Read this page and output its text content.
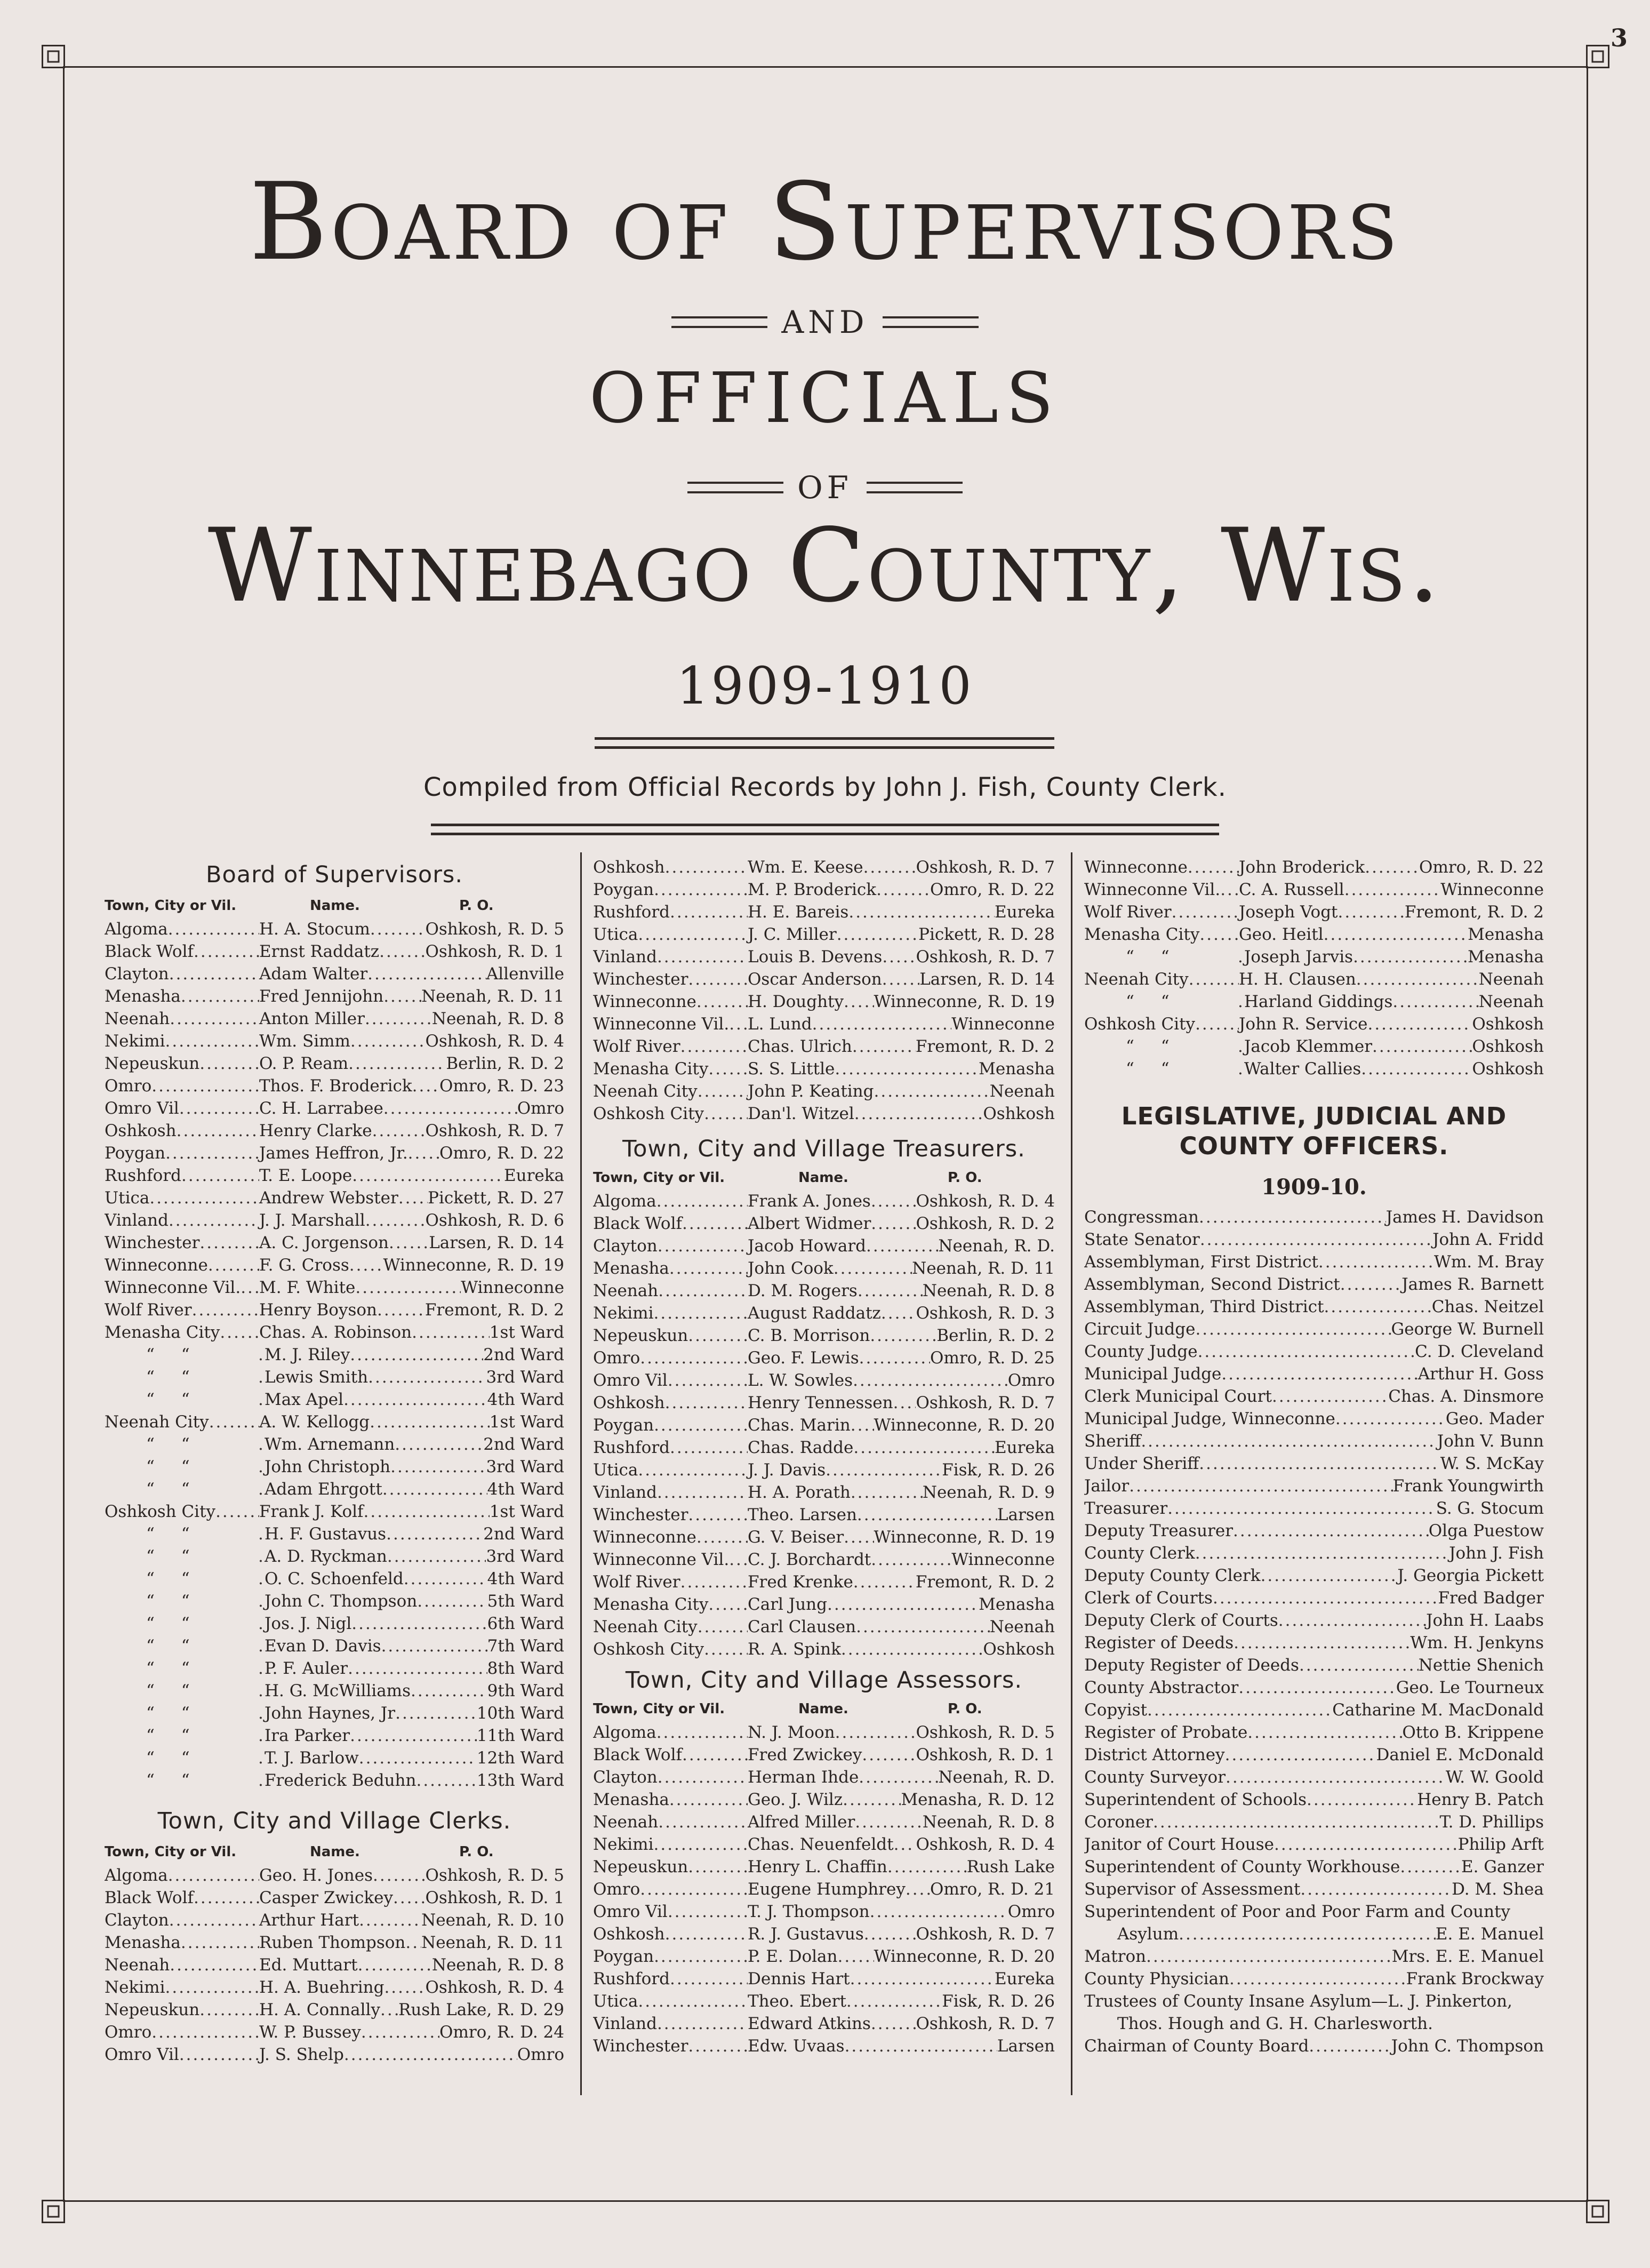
3
Board of Supervisors
AND
OFFICIALS
OF
Winnebago County, Wis.
1909-1910
Compiled from Official Records by John J. Fish, County Clerk.
Board of Supervisors.
Town, City or Vil.	Name.	P. O.
Algoma .....	H. A. Stocum .....	Oshkosh, R. D. 5
Black Wolf .....	Ernst Raddatz .....	Oshkosh, R. D. 1
Clayton .....	Adam Walter .....	Allenville
Menasha .....	Fred Jennijohn ..... Neenah, R. D. 11
Neenah .....	Anton Miller .....	Neenah, R. D. 8
Nekimi .....	Wm. Simm .....	Oshkosh, R. D. 4
Nepeuskun .....	O. P. Ream .....	Berlin, R. D. 2
Omro .....	Thos. F. Broderick ..... Omro, R. D. 23
Omro Vil .....	C. H. Larrabee .....	Omro
Oshkosh .....	Henry Clarke .....	Oshkosh, R. D. 7
Poygan .....	James Heffron, Jr. ..... Omro, R. D. 22
Rushford .....	T. E. Loope .....	Eureka
Utica .....	Andrew Webster ..... Pickett, R. D. 27
Vinland .....	J. J. Marshall .....	Oshkosh, R. D. 6
Winchester .....	A. C. Jorgenson ..... Larsen, R. D. 14
Winneconne .....	F. G. Cross ..... Winneconne, R. D. 19
Winneconne Vil. ..... M. F. White .....	Winneconne
Wolf River .....	Henry Boyson .....	Fremont, R. D. 2
Menasha City ..... Chas. A. Robinson .....	1st Ward
“ “ .....	M. J. Riley .....	2nd Ward
“ “ .....	Lewis Smith .....	3rd Ward
“ “ .....	Max Apel .....	4th Ward
Neenah City .....	A. W. Kellogg .....	1st Ward
“ “ .....	Wm. Arnemann .....	2nd Ward
“ “ .....	John Christoph .....	3rd Ward
“ “ .....	Adam Ehrgott .....	4th Ward
Oshkosh City .....	Frank J. Kolf .....	1st Ward
“ “ .....	H. F. Gustavus .....	2nd Ward
“ “ .....	A. D. Ryckman .....	3rd Ward
“ “ .....	O. C. Schoenfeld .....	4th Ward
“ “ .....	John C. Thompson .....	5th Ward
“ “ .....	Jos. J. Nigl .....	6th Ward
“ “ .....	Evan D. Davis .....	7th Ward
“ “ .....	P. F. Auler .....	8th Ward
“ “ .....	H. G. McWilliams .....	9th Ward
“ “ .....	John Haynes, Jr .....	10th Ward
“ “ .....	Ira Parker .....	11th Ward
“ “ .....	T. J. Barlow .....	12th Ward
“ “ .....	Frederick Beduhn .....	13th Ward
Town, City and Village Clerks.
Town, City or Vil.	Name.	P. O.
Algoma .....	Geo. H. Jones .....	Oshkosh, R. D. 5
Black Wolf .....	Casper Zwickey ..... Oshkosh, R. D. 1
Clayton .....	Arthur Hart .....	Neenah, R. D. 10
Menasha .....	Ruben Thompson ..... Neenah, R. D. 11
Neenah .....	Ed. Muttart .....	Neenah, R. D. 8
Nekimi .....	H. A. Buehring ..... Oshkosh, R. D. 4
Nepeuskun .....	H. A. Connally ..... Rush Lake, R. D. 29
Omro .....	W. P. Bussey .....	Omro, R. D. 24
Omro Vil .....	J. S. Shelp .....	Omro
Oshkosh .....	Wm. E. Keese .....	Oshkosh, R. D. 7
Poygan .....	M. P. Broderick .....	Omro, R. D. 22
Rushford .....	H. E. Bareis .....	Eureka
Utica .....	J. C. Miller .....	Pickett, R. D. 28
Vinland .....	Louis B. Devens ..... Oshkosh, R. D. 7
Winchester .....	Oscar Anderson ..... Larsen, R. D. 14
Winneconne .....	H. Doughty ..... Winneconne, R. D. 19
Winneconne Vil. ..... L. Lund .....	Winneconne
Wolf River .....	Chas. Ulrich .....	Fremont, R. D. 2
Menasha City ..... S. S. Little .....	Menasha
Neenah City .....	John P. Keating .....	Neenah
Oshkosh City .....	Dan'l. Witzel .....	Oshkosh
Town, City and Village Treasurers.
Town, City or Vil.	Name.	P. O.
Algoma .....	Frank A. Jones .....	Oshkosh, R. D. 4
Black Wolf .....	Albert Widmer .....	Oshkosh, R. D. 2
Clayton .....	Jacob Howard .....	Neenah, R. D.
Menasha .....	John Cook .....	Neenah, R. D. 11
Neenah .....	D. M. Rogers .....	Neenah, R. D. 8
Nekimi .....	August Raddatz ..... Oshkosh, R. D. 3
Nepeuskun .....	C. B. Morrison .....	Berlin, R. D. 2
Omro .....	Geo. F. Lewis .....	Omro, R. D. 25
Omro Vil .....	L. W. Sowles .....	Omro
Oshkosh .....	Henry Tennessen ..... Oshkosh, R. D. 7
Poygan .....	Chas. Marin ..... Winneconne, R. D. 20
Rushford .....	Chas. Radde .....	Eureka
Utica .....	J. J. Davis .....	Fisk, R. D. 26
Vinland .....	H. A. Porath .....	Neenah, R. D. 9
Winchester .....	Theo. Larsen .....	Larsen
Winneconne .....	G. V. Beiser ..... Winneconne, R. D. 19
Winneconne Vil. ..... C. J. Borchardt .....	Winneconne
Wolf River .....	Fred Krenke .....	Fremont, R. D. 2
Menasha City ..... Carl Jung .....	Menasha
Neenah City .....	Carl Clausen .....	Neenah
Oshkosh City .....	R. A. Spink .....	Oshkosh
Town, City and Village Assessors.
Town, City or Vil.	Name.	P. O.
Algoma .....	N. J. Moon .....	Oshkosh, R. D. 5
Black Wolf .....	Fred Zwickey .....	Oshkosh, R. D. 1
Clayton .....	Herman Ihde .....	Neenah, R. D.
Menasha .....	Geo. J. Wilz .....	Menasha, R. D. 12
Neenah .....	Alfred Miller .....	Neenah, R. D. 8
Nekimi .....	Chas. Neuenfeldt ..... Oshkosh, R. D. 4
Nepeuskun .....	Henry L. Chaffin .....	Rush Lake
Omro .....	Eugene Humphrey ..... Omro, R. D. 21
Omro Vil .....	T. J. Thompson .....	Omro
Oshkosh .....	R. J. Gustavus .....	Oshkosh, R. D. 7
Poygan .....	P. E. Dolan ..... Winneconne, R. D. 20
Rushford .....	Dennis Hart .....	Eureka
Utica .....	Theo. Ebert .....	Fisk, R. D. 26
Vinland .....	Edward Atkins .....	Oshkosh, R. D. 7
Winchester .....	Edw. Uvaas .....	Larsen
Winneconne .....	John Broderick .....	Omro, R. D. 22
Winneconne Vil. ..... C. A. Russell .....	Winneconne
Wolf River .....	Joseph Vogt .....	Fremont, R. D. 2
Menasha City ..... Geo. Heitl .....	Menasha
“ “ .....	Joseph Jarvis .....	Menasha
Neenah City .....	H. H. Clausen .....	Neenah
“ “ .....	Harland Giddings .....	Neenah
Oshkosh City .....	John R. Service .....	Oshkosh
“ “ .....	Jacob Klemmer .....	Oshkosh
“ “ .....	Walter Callies .....	Oshkosh
LEGISLATIVE, JUDICIAL AND
COUNTY OFFICERS.
1909-10.
Congressman .....	James H. Davidson
State Senator .....	John A. Fridd
Assemblyman, First District .....	Wm. M. Bray
Assemblyman, Second District .....	James R. Barnett
Assemblyman, Third District .....	Chas. Neitzel
Circuit Judge .....	George W. Burnell
County Judge .....	C. D. Cleveland
Municipal Judge .....	Arthur H. Goss
Clerk Municipal Court .....	Chas. A. Dinsmore
Municipal Judge, Winneconne .....	Geo. Mader
Sheriff .....	John V. Bunn
Under Sheriff .....	W. S. McKay
Jailor .....	Frank Youngwirth
Treasurer .....	S. G. Stocum
Deputy Treasurer .....	Olga Puestow
County Clerk .....	John J. Fish
Deputy County Clerk .....	J. Georgia Pickett
Clerk of Courts .....	Fred Badger
Deputy Clerk of Courts .....	John H. Laabs
Register of Deeds .....	Wm. H. Jenkyns
Deputy Register of Deeds .....	Nettie Shenich
County Abstractor .....	Geo. Le Tourneux
Copyist .....	Catharine M. MacDonald
Register of Probate .....	Otto B. Krippene
District Attorney .....	Daniel E. McDonald
County Surveyor .....	W. W. Goold
Superintendent of Schools .....	Henry B. Patch
Coroner .....	T. D. Phillips
Janitor of Court House .....	Philip Arft
Superintendent of County Workhouse .....	E. Ganzer
Supervisor of Assessment .....	D. M. Shea
Superintendent of Poor and Poor Farm and County
Asylum .....	E. E. Manuel
Matron .....	Mrs. E. E. Manuel
County Physician .....	Frank Brockway
Trustees of County Insane Asylum—L. J. Pinkerton,
Thos. Hough and G. H. Charlesworth.
Chairman of County Board .....	John C. Thompson
